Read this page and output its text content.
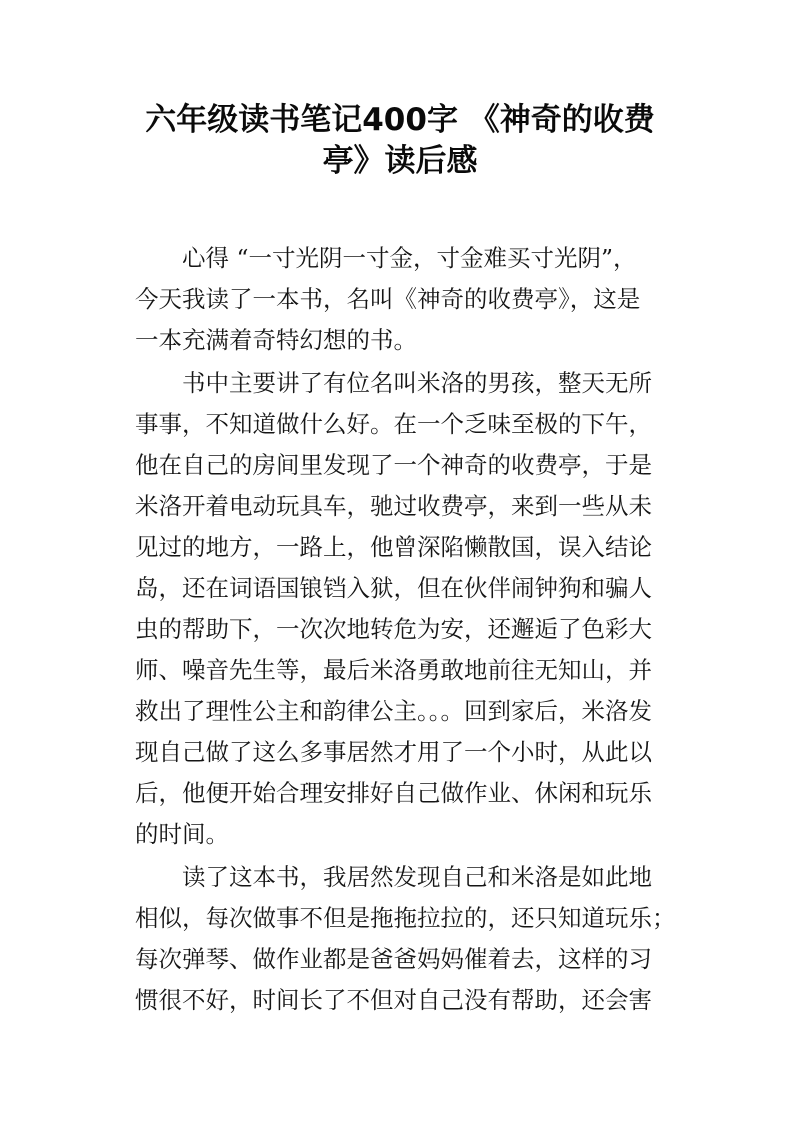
六年级读书笔记400字 《神奇的收费
亭》读后感

心得 “一寸光阴一寸金，寸金难买寸光阴”，
今天我读了一本书，名叫《神奇的收费亭》，这是
一本充满着奇特幻想的书。

书中主要讲了有位名叫米洛的男孩，整天无所
事事，不知道做什么好。在一个乏味至极的下午，
他在自己的房间里发现了一个神奇的收费亭，于是
米洛开着电动玩具车，驰过收费亭，来到一些从未
见过的地方，一路上，他曾深陷懒散国，误入结论
岛，还在词语国锒铛入狱，但在伙伴闹钟狗和骗人
虫的帮助下，一次次地转危为安，还邂逅了色彩大
师、噪音先生等，最后米洛勇敢地前往无知山，并
救出了理性公主和韵律公主。。。回到家后，米洛发
现自己做了这么多事居然才用了一个小时，从此以
后，他便开始合理安排好自己做作业、休闲和玩乐
的时间。

读了这本书，我居然发现自己和米洛是如此地
相似，每次做事不但是拖拖拉拉的，还只知道玩乐；
每次弹琴、做作业都是爸爸妈妈催着去，这样的习
惯很不好，时间长了不但对自己没有帮助，还会害
